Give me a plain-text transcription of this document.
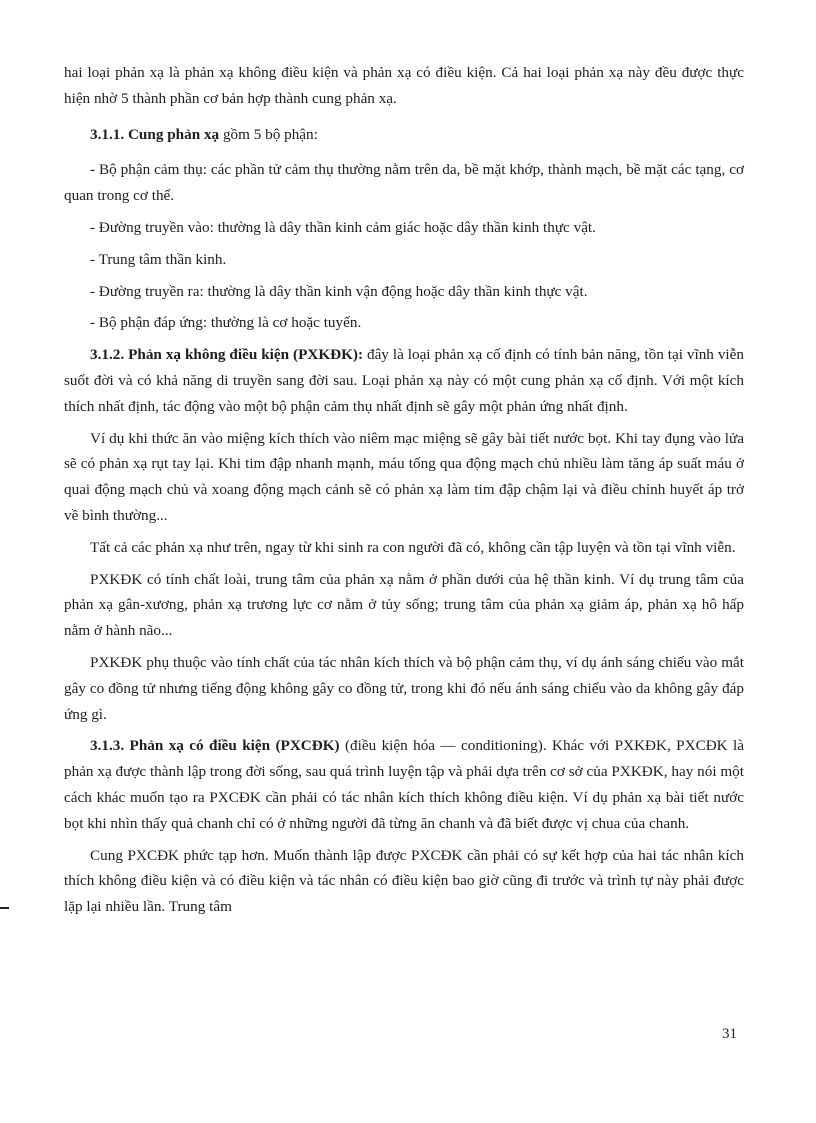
hai loại phản xạ là phản xạ không điều kiện và phản xạ có điều kiện. Cả hai loại phản xạ này đều được thực hiện nhờ 5 thành phần cơ bản hợp thành cung phản xạ.

3.1.1. Cung phản xạ gồm 5 bộ phận:

- Bộ phận cảm thụ: các phần tử cảm thụ thường nằm trên da, bề mặt khớp, thành mạch, bề mặt các tạng, cơ quan trong cơ thể.

- Đường truyền vào: thường là dây thần kinh cảm giác hoặc dây thần kinh thực vật.

- Trung tâm thần kinh.

- Đường truyền ra: thường là dây thần kinh vận động hoặc dây thần kinh thực vật.

- Bộ phận đáp ứng: thường là cơ hoặc tuyến.

3.1.2. Phản xạ không điều kiện (PXKĐK): đây là loại phản xạ cố định có tính bản năng, tồn tại vĩnh viễn suốt đời và có khả năng di truyền sang đời sau. Loại phản xạ này có một cung phản xạ cố định. Với một kích thích nhất định, tác động vào một bộ phận cảm thụ nhất định sẽ gây một phản ứng nhất định.

Ví dụ khi thức ăn vào miệng kích thích vào niêm mạc miệng sẽ gây bài tiết nước bọt. Khi tay đụng vào lửa sẽ có phản xạ rụt tay lại. Khi tim đập nhanh mạnh, máu tống qua động mạch chủ nhiều làm tăng áp suất máu ở quai động mạch chủ và xoang động mạch cảnh sẽ có phản xạ làm tim đập chậm lại và điều chỉnh huyết áp trở về bình thường...

Tất cả các phản xạ như trên, ngay từ khi sinh ra con người đã có, không cần tập luyện và tồn tại vĩnh viễn.

PXKĐK có tính chất loài, trung tâm của phản xạ nằm ở phần dưới của hệ thần kinh. Ví dụ trung tâm của phản xạ gân-xương, phản xạ trương lực cơ nằm ở tủy sống; trung tâm của phản xạ giảm áp, phản xạ hô hấp nằm ở hành não...

PXKĐK phụ thuộc vào tính chất của tác nhân kích thích và bộ phận cảm thụ, ví dụ ánh sáng chiếu vào mắt gây co đồng tử nhưng tiếng động không gây co đồng tử, trong khi đó nếu ánh sáng chiếu vào da không gây đáp ứng gì.

3.1.3. Phản xạ có điều kiện (PXCĐK) (điều kiện hóa — conditioning). Khác với PXKĐK, PXCĐK là phản xạ được thành lập trong đời sống, sau quá trình luyện tập và phải dựa trên cơ sở của PXKĐK, hay nói một cách khác muốn tạo ra PXCĐK cần phải có tác nhân kích thích không điều kiện. Ví dụ phản xạ bài tiết nước bọt khi nhìn thấy quả chanh chỉ có ở những người đã từng ăn chanh và đã biết được vị chua của chanh.

Cung PXCĐK phức tạp hơn. Muốn thành lập được PXCĐK cần phải có sự kết hợp của hai tác nhân kích thích không điều kiện và có điều kiện và tác nhân có điều kiện bao giờ cũng đi trước và trình tự này phải được lặp lại nhiều lần. Trung tâm

31
